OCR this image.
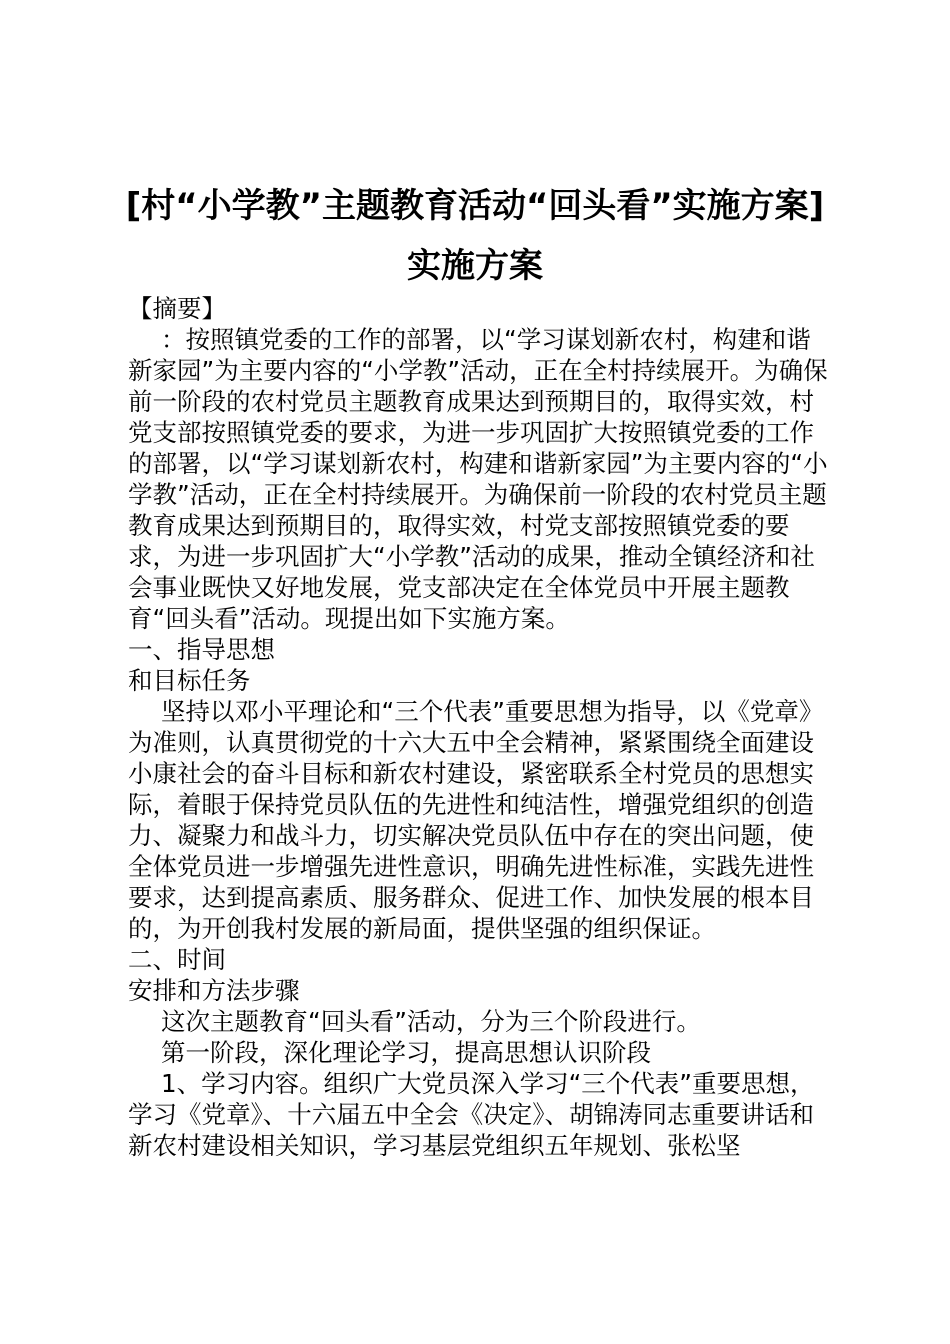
[村“小学教”主题教育活动“回头看”实施方案]
实施方案

【摘要】

：按照镇党委的工作的部署，以“学习谋划新农村，构建和谐新家园”为主要内容的“小学教”活动，正在全村持续展开。为确保前一阶段的农村党员主题教育成果达到预期目的，取得实效，村党支部按照镇党委的要求，为进一步巩固扩大按照镇党委的工作的部署，以“学习谋划新农村，构建和谐新家园”为主要内容的“小学教”活动，正在全村持续展开。为确保前一阶段的农村党员主题教育成果达到预期目的，取得实效，村党支部按照镇党委的要求，为进一步巩固扩大“小学教”活动的成果，推动全镇经济和社会事业既快又好地发展，党支部决定在全体党员中开展主题教育“回头看”活动。现提出如下实施方案。

一、指导思想

和目标任务

坚持以邓小平理论和“三个代表”重要思想为指导，以《党章》为准则，认真贯彻党的十六大五中全会精神，紧紧围绕全面建设小康社会的奋斗目标和新农村建设，紧密联系全村党员的思想实际，着眼于保持党员队伍的先进性和纯洁性，增强党组织的创造力、凝聚力和战斗力，切实解决党员队伍中存在的突出问题，使全体党员进一步增强先进性意识，明确先进性标准，实践先进性要求，达到提高素质、服务群众、促进工作、加快发展的根本目的，为开创我村发展的新局面，提供坚强的组织保证。

二、时间

安排和方法步骤

这次主题教育“回头看”活动，分为三个阶段进行。

第一阶段，深化理论学习，提高思想认识阶段

1、学习内容。组织广大党员深入学习“三个代表”重要思想，学习《党章》、十六届五中全会《决定》、胡锦涛同志重要讲话和新农村建设相关知识，学习基层党组织五年规划、张松坚
